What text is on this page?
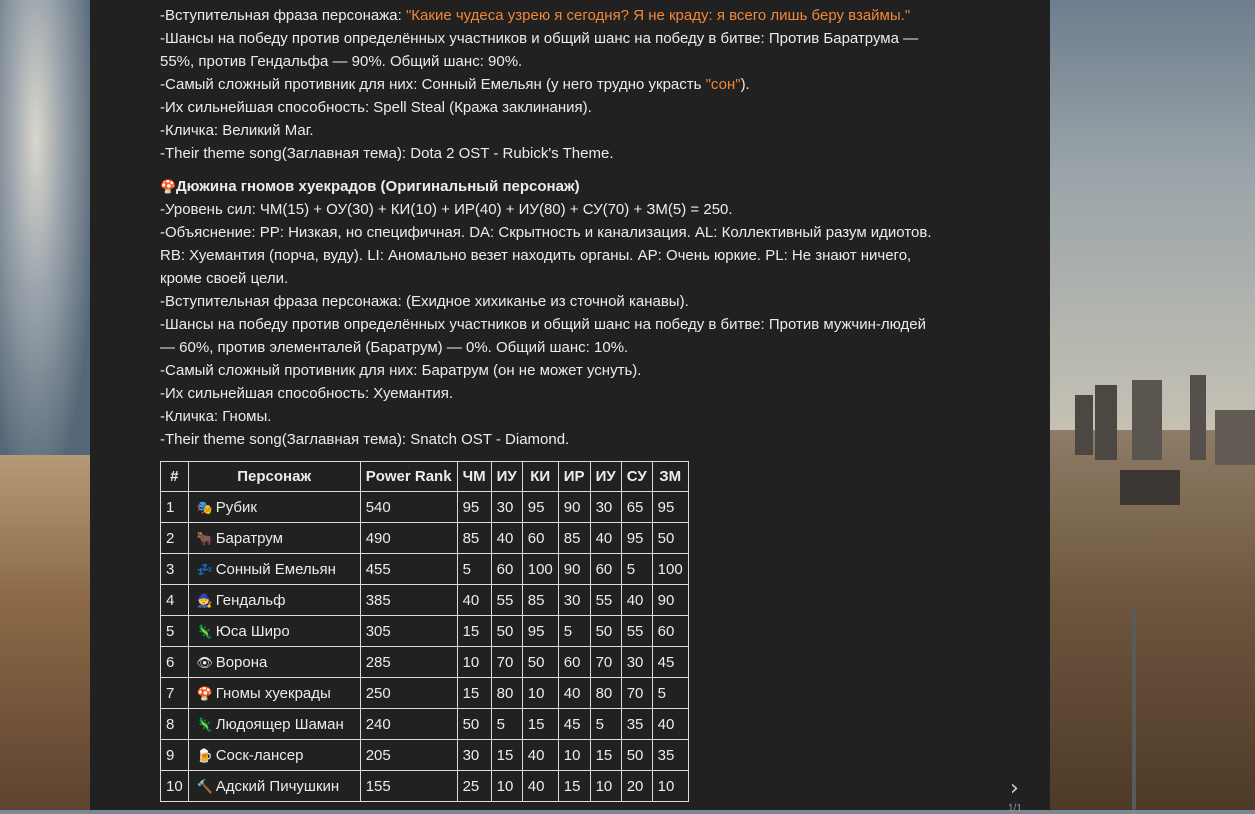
-Вступительная фраза персонажа: "Какие чудеса узрею я сегодня? Я не краду: я всего лишь беру взаймы."

-Шансы на победу против определённых участников и общий шанс на победу в битве: Против Баратрума —

55%, против Гендальфа — 90%. Общий шанс: 90%.

-Самый сложный противник для них: Сонный Емельян (у него трудно украсть "сон").

-Их сильнейшая способность: Spell Steal (Кража заклинания).

-Кличка: Великий Маг.

-Their theme song(Заглавная тема): Dota 2 OST - Rubick's Theme.

🍄Дюжина гномов хуекрадов (Оригинальный персонаж)

-Уровень сил: ЧМ(15) + ОУ(30) + КИ(10) + ИР(40) + ИУ(80) + СУ(70) + ЗМ(5) = 250.

-Объяснение: PP: Низкая, но специфичная. DA: Скрытность и канализация. AL: Коллективный разум идиотов.

RB: Хуемантия (порча, вуду). LI: Аномально везет находить органы. AP: Очень юркие. PL: Не знают ничего,

кроме своей цели.

-Вступительная фраза персонажа: (Ехидное хихиканье из сточной канавы).

-Шансы на победу против определённых участников и общий шанс на победу в битве: Против мужчин-людей

— 60%, против элементалей (Баратрум) — 0%. Общий шанс: 10%.

-Самый сложный противник для них: Баратрум (он не может уснуть).

-Их сильнейшая способность: Хуемантия.

-Кличка: Гномы.

-Their theme song(Заглавная тема): Snatch OST - Diamond.

#	Персонаж	Power Rank	ЧМ	ИУ	КИ	ИР	ИУ	СУ	ЗМ
1	🎭 Рубик	540	95	30	95	90	30	65	95
2	🐂 Баратрум	490	85	40	60	85	40	95	50
3	💤 Сонный Емельян	455	5	60	100	90	60	5	100
4	🧙 Гендальф	385	40	55	85	30	55	40	90
5	🦎 Юса Широ	305	15	50	95	5	50	55	60
6	👁 Ворона	285	10	70	50	60	70	30	45
7	🍄 Гномы хуекрады	250	15	80	10	40	80	70	5
8	🦎 Людоящер Шаман	240	50	5	15	45	5	35	40
9	🍺 Соск-лансер	205	30	15	40	10	15	50	35
10	🔨 Адский Пичушкин	155	25	10	40	15	10	20	10	›
1/1
